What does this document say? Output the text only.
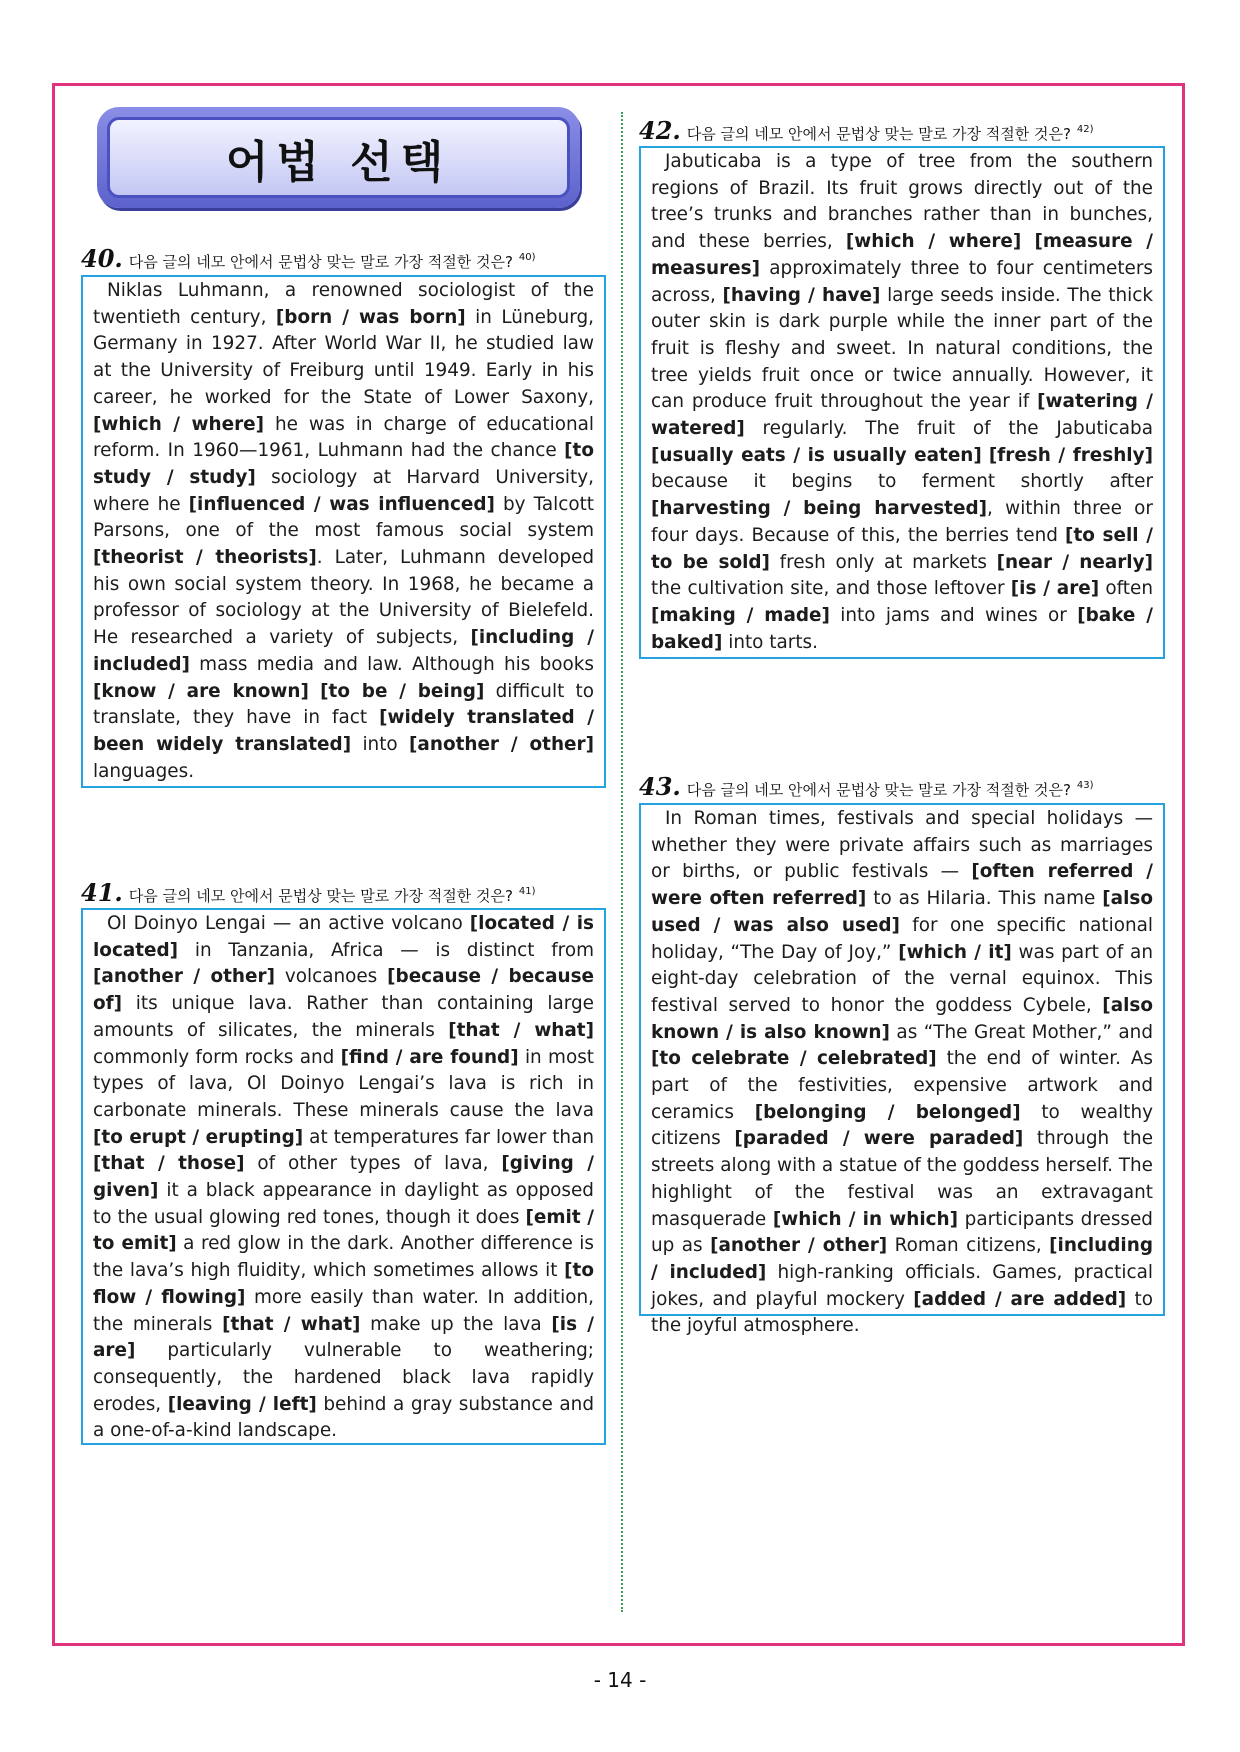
어법 선택
40. 다음 글의 네모 안에서 문법상 맞는 말로 가장 적절한 것은? 40)
Niklas Luhmann, a renowned sociologist of the twentieth century, [born / was born] in Lüneburg, Germany in 1927. After World War II, he studied law at the University of Freiburg until 1949. Early in his career, he worked for the State of Lower Saxony, [which / where] he was in charge of educational reform. In 1960—1961, Luhmann had the chance [to study / study] sociology at Harvard University, where he [influenced / was influenced] by Talcott Parsons, one of the most famous social system [theorist / theorists]. Later, Luhmann developed his own social system theory. In 1968, he became a professor of sociology at the University of Bielefeld. He researched a variety of subjects, [including / included] mass media and law. Although his books [know / are known] [to be / being] difficult to translate, they have in fact [widely translated / been widely translated] into [another / other] languages.
41. 다음 글의 네모 안에서 문법상 맞는 말로 가장 적절한 것은? 41)
Ol Doinyo Lengai — an active volcano [located / is located] in Tanzania, Africa — is distinct from [another / other] volcanoes [because / because of] its unique lava. Rather than containing large amounts of silicates, the minerals [that / what] commonly form rocks and [find / are found] in most types of lava, Ol Doinyo Lengai’s lava is rich in carbonate minerals. These minerals cause the lava [to erupt / erupting] at temperatures far lower than [that / those] of other types of lava, [giving / given] it a black appearance in daylight as opposed to the usual glowing red tones, though it does [emit / to emit] a red glow in the dark. Another difference is the lava’s high fluidity, which sometimes allows it [to flow / flowing] more easily than water. In addition, the minerals [that / what] make up the lava [is / are] particularly vulnerable to weathering; consequently, the hardened black lava rapidly erodes, [leaving / left] behind a gray substance and a one-of-a-kind landscape.
42. 다음 글의 네모 안에서 문법상 맞는 말로 가장 적절한 것은? 42)
Jabuticaba is a type of tree from the southern regions of Brazil. Its fruit grows directly out of the tree’s trunks and branches rather than in bunches, and these berries, [which / where] [measure / measures] approximately three to four centimeters across, [having / have] large seeds inside. The thick outer skin is dark purple while the inner part of the fruit is fleshy and sweet. In natural conditions, the tree yields fruit once or twice annually. However, it can produce fruit throughout the year if [watering / watered] regularly. The fruit of the Jabuticaba [usually eats / is usually eaten] [fresh / freshly] because it begins to ferment shortly after [harvesting / being harvested], within three or four days. Because of this, the berries tend [to sell / to be sold] fresh only at markets [near / nearly] the cultivation site, and those leftover [is / are] often [making / made] into jams and wines or [bake / baked] into tarts.
43. 다음 글의 네모 안에서 문법상 맞는 말로 가장 적절한 것은? 43)
In Roman times, festivals and special holidays — whether they were private affairs such as marriages or births, or public festivals — [often referred / were often referred] to as Hilaria. This name [also used / was also used] for one specific national holiday, “The Day of Joy,” [which / it] was part of an eight-day celebration of the vernal equinox. This festival served to honor the goddess Cybele, [also known / is also known] as “The Great Mother,” and [to celebrate / celebrated] the end of winter. As part of the festivities, expensive artwork and ceramics [belonging / belonged] to wealthy citizens [paraded / were paraded] through the streets along with a statue of the goddess herself. The highlight of the festival was an extravagant masquerade [which / in which] participants dressed up as [another / other] Roman citizens, [including / included] high-ranking officials. Games, practical jokes, and playful mockery [added / are added] to the joyful atmosphere.
- 14 -
